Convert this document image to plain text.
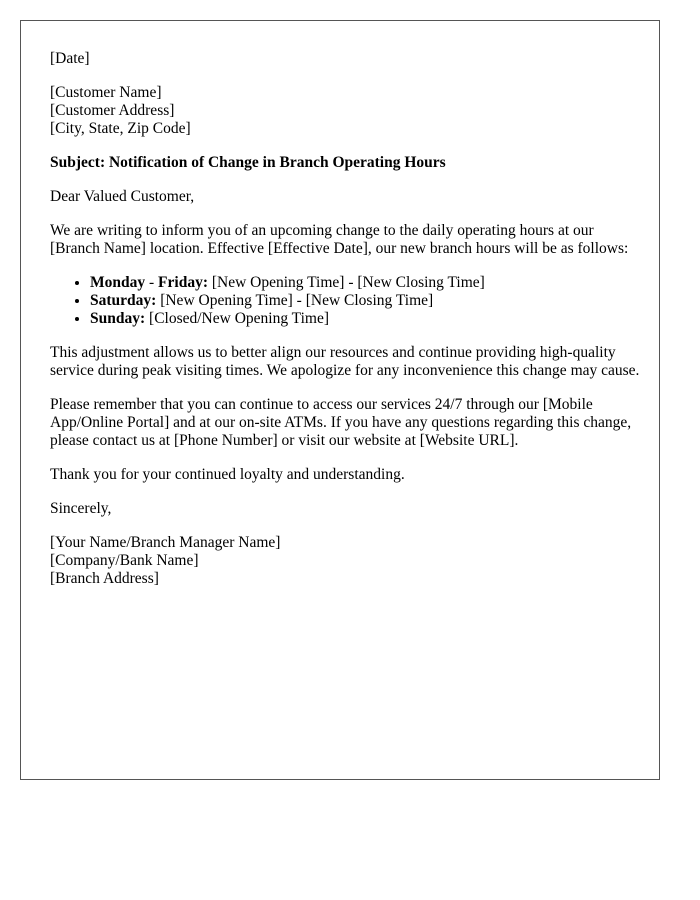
[Date]

[Customer Name]
[Customer Address]
[City, State, Zip Code]

Subject: Notification of Change in Branch Operating Hours

Dear Valued Customer,

We are writing to inform you of an upcoming change to the daily operating hours at our [Branch Name] location. Effective [Effective Date], our new branch hours will be as follows:

• Monday - Friday: [New Opening Time] - [New Closing Time]
• Saturday: [New Opening Time] - [New Closing Time]
• Sunday: [Closed/New Opening Time]

This adjustment allows us to better align our resources and continue providing high-quality service during peak visiting times. We apologize for any inconvenience this change may cause.

Please remember that you can continue to access our services 24/7 through our [Mobile App/Online Portal] and at our on-site ATMs. If you have any questions regarding this change, please contact us at [Phone Number] or visit our website at [Website URL].

Thank you for your continued loyalty and understanding.

Sincerely,

[Your Name/Branch Manager Name]
[Company/Bank Name]
[Branch Address]
